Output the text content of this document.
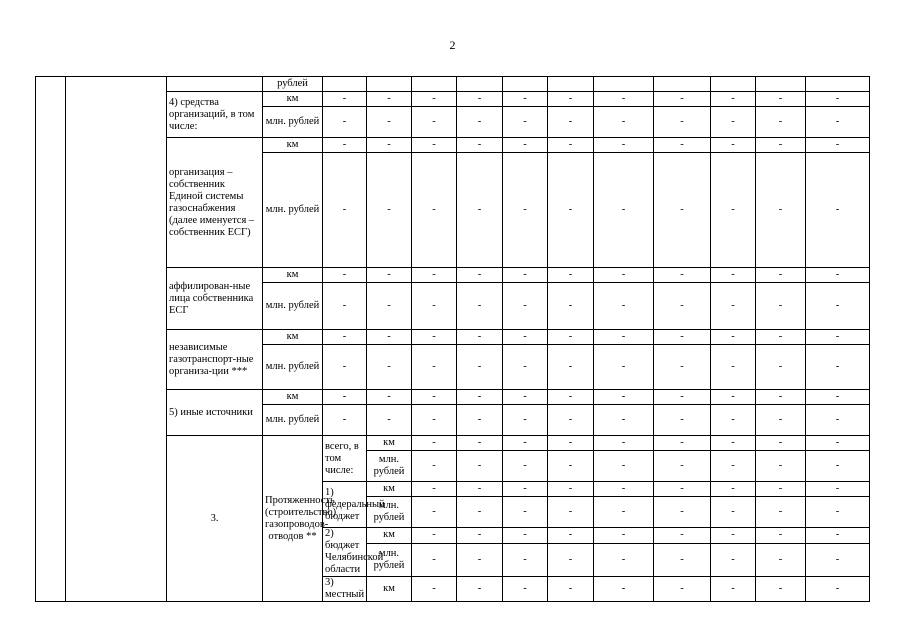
2
			рублей												
		4) средства организаций, в том числе:	км	-	-	-	-	-	-	-	-	-	-	-	
			млн. рублей	-	-	-	-	-	-	-	-	-	-	-	
		организация – собственник Единой системы газоснабжения (далее именуется – собственник ЕСГ)	км	-	-	-	-	-	-	-	-	-	-	-	
			млн. рублей	-	-	-	-	-	-	-	-	-	-	-	
		аффилирован-ные лица собственника ЕСГ	км	-	-	-	-	-	-	-	-	-	-	-	
			млн. рублей	-	-	-	-	-	-	-	-	-	-	-	
		независимые газотранспорт-ные организа-ции ***	км	-	-	-	-	-	-	-	-	-	-	-	
			млн. рублей	-	-	-	-	-	-	-	-	-	-	-	
		5) иные источники	км	-	-	-	-	-	-	-	-	-	-	-	
			млн. рублей	-	-	-	-	-	-	-	-	-	-	-	
		3.	Протяженность (строительство) газопроводов-отводов **	всего, в том числе:	км	-	-	-	-	-	-	-	-	-		
					млн. рублей	-	-	-	-	-	-	-	-	-		
				1) федеральный бюджет	км	-	-	-	-	-	-	-	-	-		
					млн. рублей	-	-	-	-	-	-	-	-	-		
				2) бюджет Челябинской области	км	-	-	-	-	-	-	-	-	-		
					млн. рублей	-	-	-	-	-	-	-	-	-		
				3) местный	км	-	-	-	-	-	-	-	-	-		
